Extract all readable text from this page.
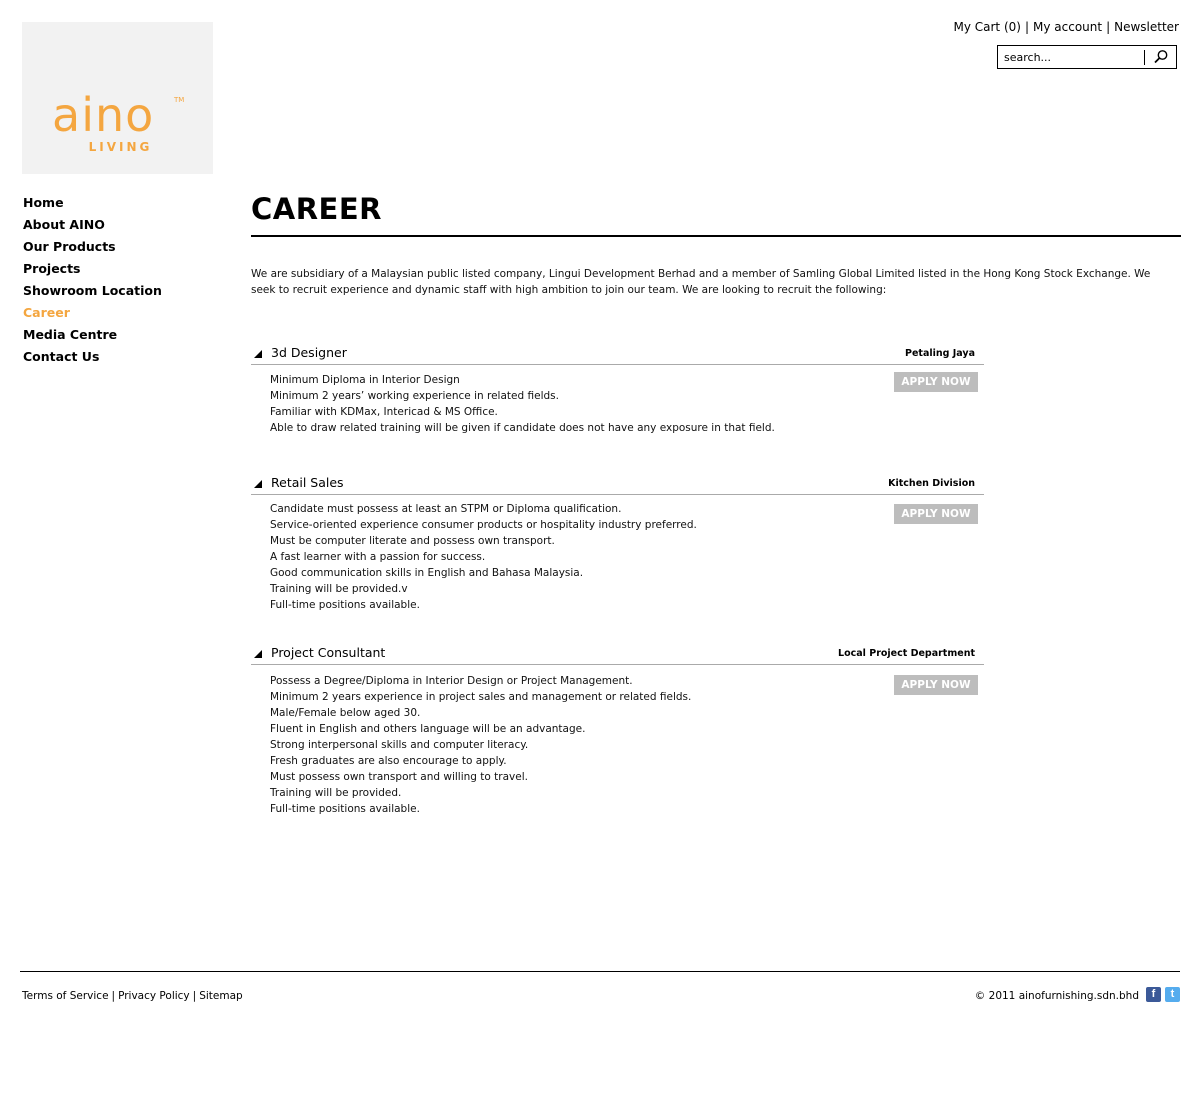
aino	TM
LIVING
My Cart (0) | My account | Newsletter
search...
Home
About AINO
Our Products
Projects
Showroom Location
Career
Media Centre
Contact Us
CAREER

We are subsidiary of a Malaysian public listed company, Lingui Development Berhad and a member of Samling Global Limited listed in the Hong Kong Stock Exchange. We seek to recruit experience and dynamic staff with high ambition to join our team. We are looking to recruit the following:

3d Designer	Petaling Jaya
Minimum Diploma in Interior Design
Minimum 2 years’ working experience in related fields.
Familiar with KDMax, Intericad & MS Office.
Able to draw related training will be given if candidate does not have any exposure in that field.
APPLY NOW
Retail Sales	Kitchen Division
Candidate must possess at least an STPM or Diploma qualification.
Service-oriented experience consumer products or hospitality industry preferred.
Must be computer literate and possess own transport.
A fast learner with a passion for success.
Good communication skills in English and Bahasa Malaysia.
Training will be provided.v
Full-time positions available.
APPLY NOW
Project Consultant	Local Project Department
Possess a Degree/Diploma in Interior Design or Project Management.
Minimum 2 years experience in project sales and management or related fields.
Male/Female below aged 30.
Fluent in English and others language will be an advantage.
Strong interpersonal skills and computer literacy.
Fresh graduates are also encourage to apply.
Must possess own transport and willing to travel.
Training will be provided.
Full-time positions available.
APPLY NOW
Terms of Service | Privacy Policy | Sitemap	© 2011 ainofurnishing.sdn.bhd	f	t
